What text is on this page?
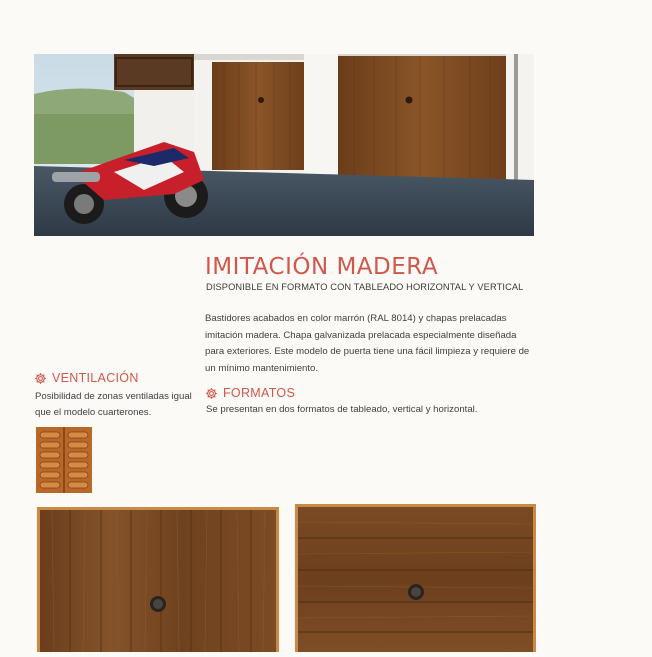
IMITACIÓN MADERA
DISPONIBLE EN FORMATO CON TABLEADO HORIZONTAL Y VERTICAL
Bastidores acabados en color marrón (RAL 8014) y chapas prelacadas imitación madera. Chapa galvanizada prelacada especialmente diseñada para exteriores. Este modelo de puerta tiene una fácil limpieza y requiere de un mínimo mantenimiento.
VENTILACIÓN
Posibilidad de zonas ventiladas igual que el modelo cuarterones.
FORMATOS
Se presentan en dos formatos de tableado, vertical y horizontal.
